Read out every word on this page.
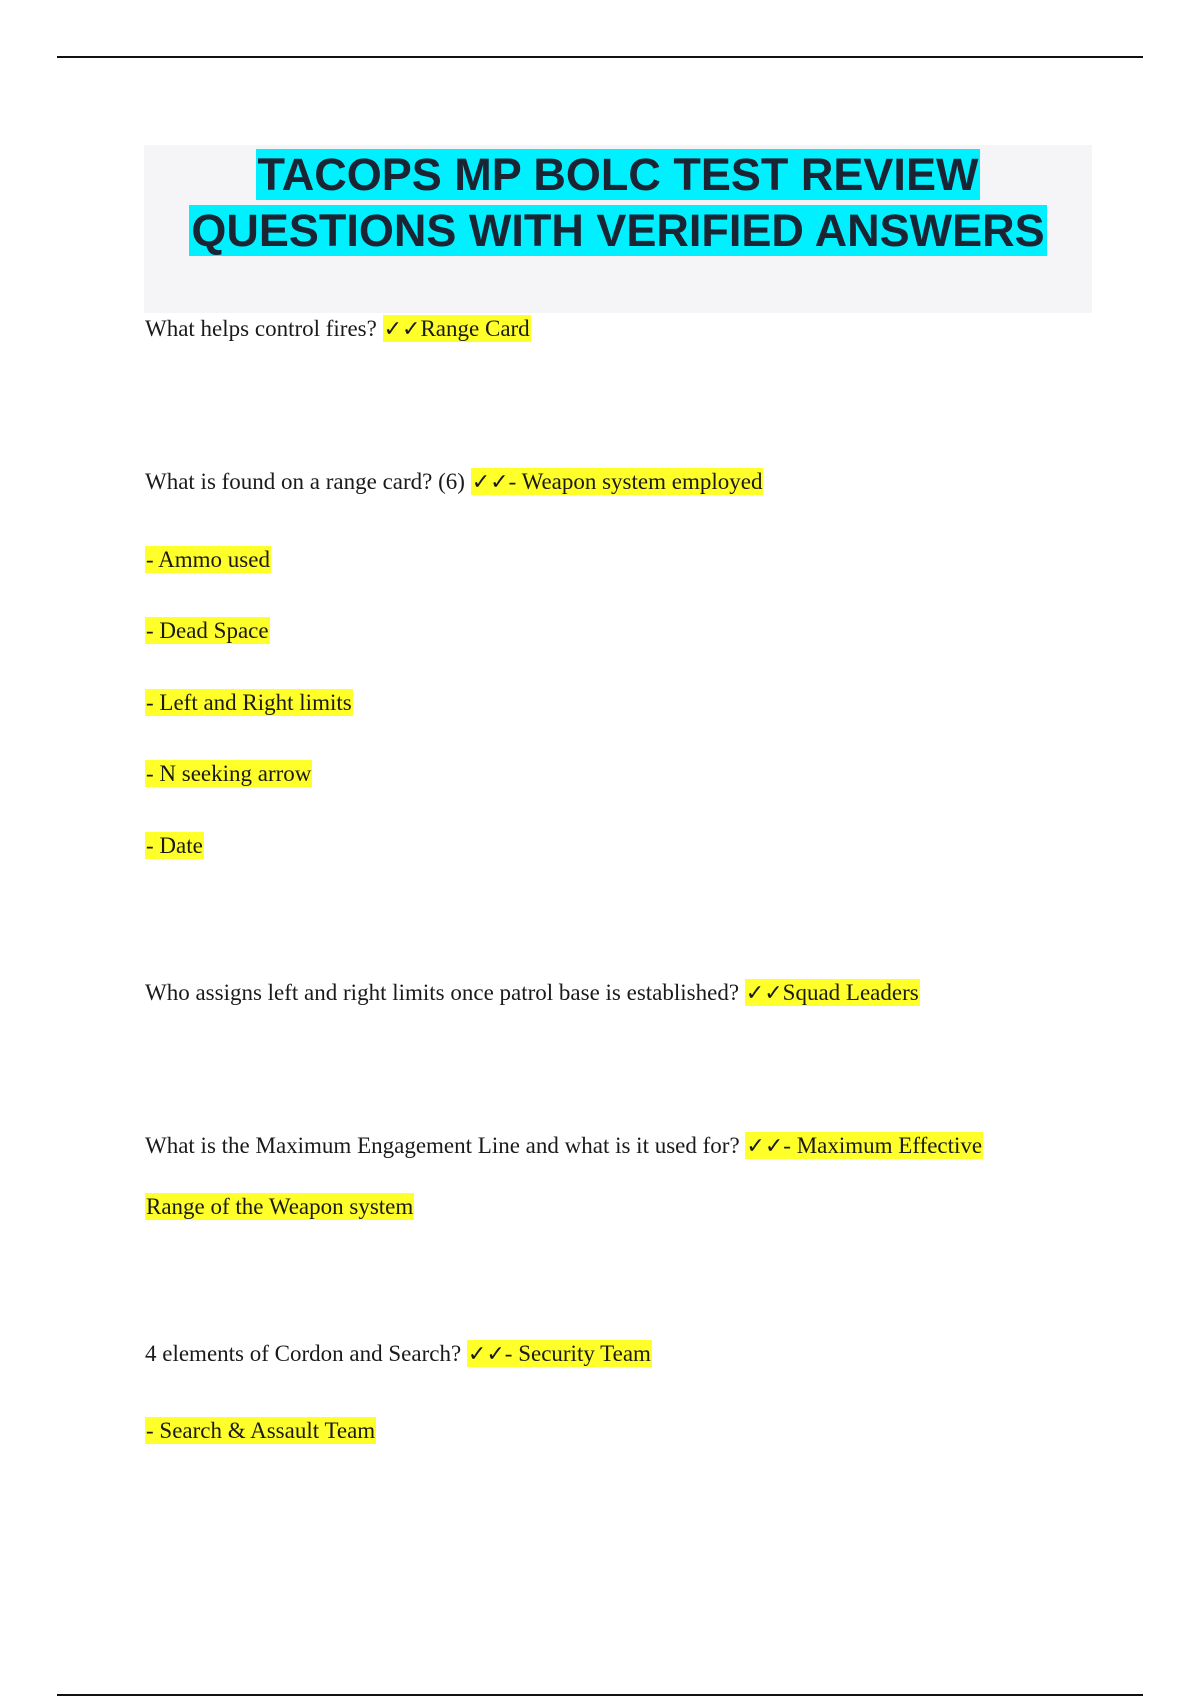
TACOPS MP BOLC TEST REVIEW
QUESTIONS WITH VERIFIED ANSWERS
What helps control fires? ✓✓Range Card
What is found on a range card? (6) ✓✓- Weapon system employed
- Ammo used
- Dead Space
- Left and Right limits
- N seeking arrow
- Date
Who assigns left and right limits once patrol base is established? ✓✓Squad Leaders
What is the Maximum Engagement Line and what is it used for? ✓✓- Maximum Effective
Range of the Weapon system
4 elements of Cordon and Search? ✓✓- Security Team
- Search & Assault Team
